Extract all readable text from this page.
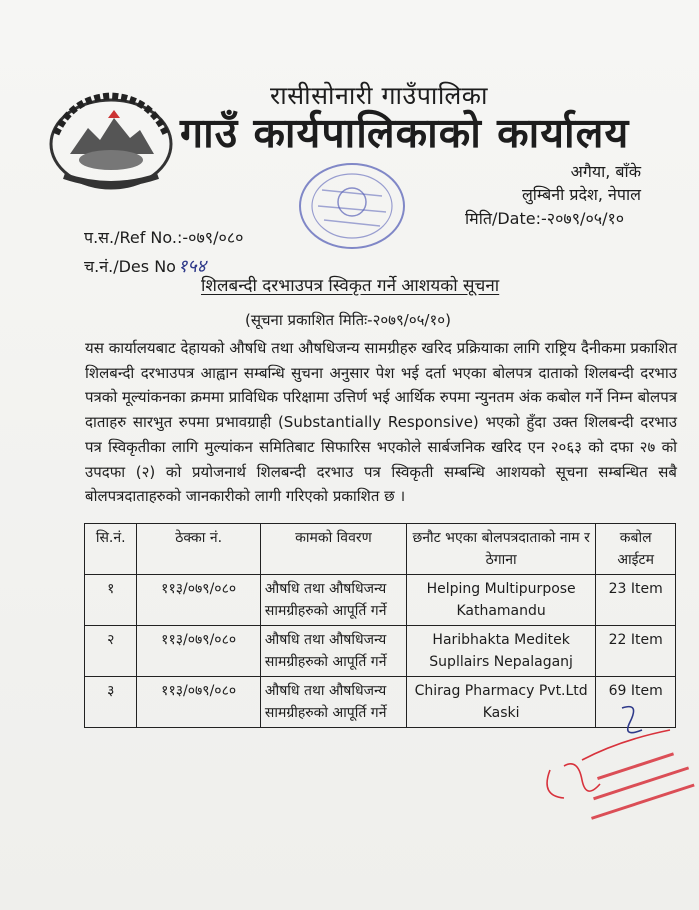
रासीसोनारी गाउँपालिका
गाउँ कार्यपालिकाको कार्यालय
अगैया, बाँके
लुम्बिनी प्रदेश, नेपाल
मिति/Date:-२०७९/०५/१०
प.स./Ref No.:-०७९/०८०
च.नं./Des No १५४
शिलबन्दी दरभाउपत्र स्विकृत गर्ने आशयको सूचना
(सूचना प्रकाशित मितिः-२०७९/०५/१०)
यस कार्यालयबाट देहायको औषधि तथा औषधिजन्य सामग्रीहरु खरिद प्रक्रियाका लागि राष्ट्रिय दैनीकमा प्रकाशित शिलबन्दी दरभाउपत्र आह्वान सम्बन्धि सुचना अनुसार पेश भई दर्ता भएका बोलपत्र दाताको शिलबन्दी दरभाउ पत्रको मूल्यांकनका क्रममा प्राविधिक परिक्षामा उत्तिर्ण भई आर्थिक रुपमा न्युनतम अंक कबोल गर्ने निम्न बोलपत्र दाताहरु सारभुत रुपमा प्रभावग्राही (Substantially Responsive) भएको हुँदा उक्त शिलबन्दी दरभाउ पत्र स्विकृतीका लागि मुल्यांकन समितिबाट सिफारिस भएकोले सार्बजनिक खरिद एन २०६३ को दफा २७ को उपदफा (२) को प्रयोजनार्थ शिलबन्दी दरभाउ पत्र स्विकृती सम्बन्धि आशयको सूचना सम्बन्धित सबै बोलपत्रदाताहरुको जानकारीको लागी गरिएको प्रकाशित छ ।
सि.नं.	ठेक्का नं.	कामको विवरण	छनौट भएका बोलपत्रदाताको नाम र ठेगाना	कबोल आईटम
१	११३/०७९/०८०	औषधि तथा औषधिजन्य सामग्रीहरुको आपूर्ति गर्ने	Helping Multipurpose Kathamandu	23 Item
२	११३/०७९/०८०	औषधि तथा औषधिजन्य सामग्रीहरुको आपूर्ति गर्ने	Haribhakta Meditek Supllairs Nepalaganj	22 Item
३	११३/०७९/०८०	औषधि तथा औषधिजन्य सामग्रीहरुको आपूर्ति गर्ने	Chirag Pharmacy Pvt.Ltd Kaski	69 Item
